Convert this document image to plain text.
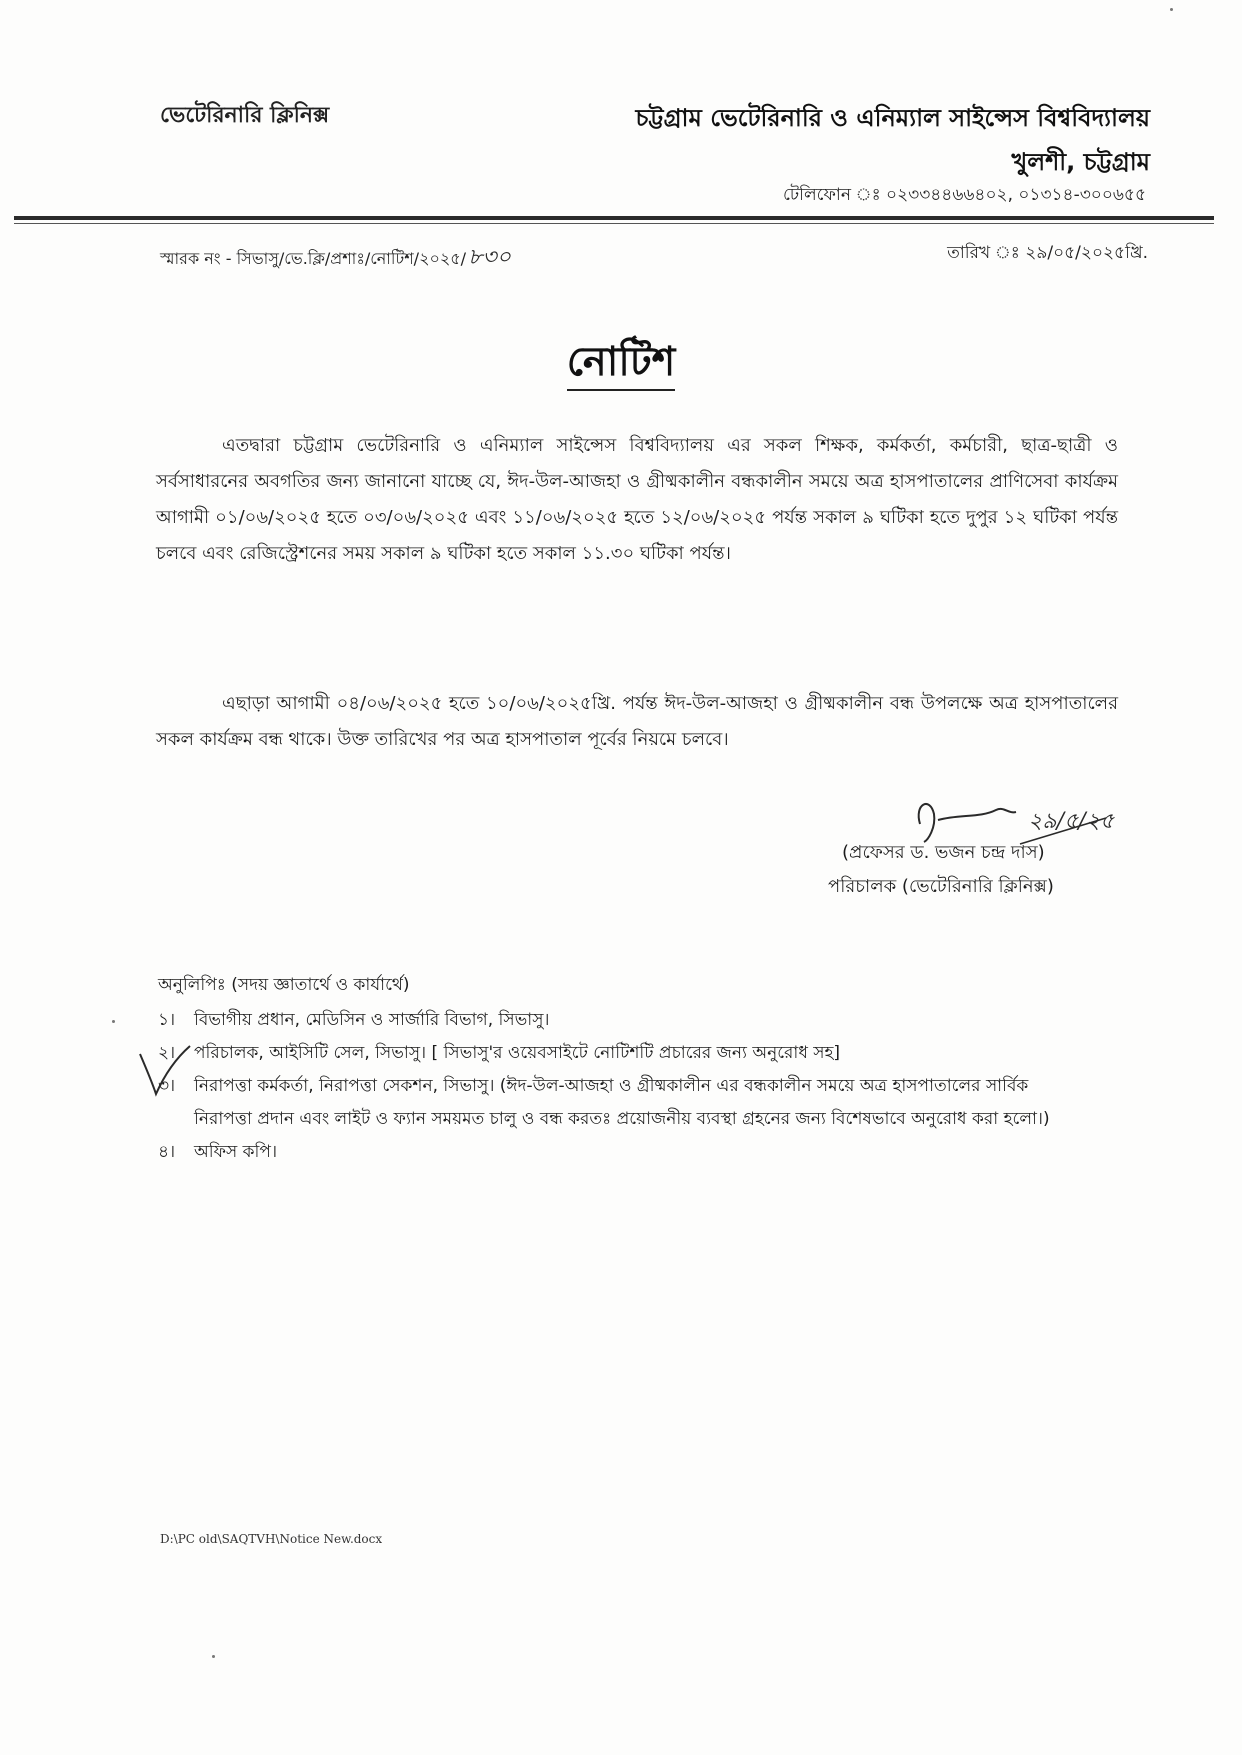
ভেটেরিনারি ক্লিনিক্স	চট্টগ্রাম ভেটেরিনারি ও এনিম্যাল সাইন্সেস বিশ্ববিদ্যালয়
খুলশী, চট্টগ্রাম
টেলিফোন ঃ ০২৩৩৪৪৬৬৪০২, ০১৩১৪-৩০০৬৫৫
স্মারক নং - সিভাসু/ভে.ক্লি/প্রশাঃ/নোটিশ/২০২৫/৮৩০	তারিখ ঃ ২৯/০৫/২০২৫খ্রি.
নোটিশ
এতদ্বারা চট্টগ্রাম ভেটেরিনারি ও এনিম্যাল সাইন্সেস বিশ্ববিদ্যালয় এর সকল শিক্ষক, কর্মকর্তা, কর্মচারী, ছাত্র-ছাত্রী ও সর্বসাধারনের অবগতির জন্য জানানো যাচ্ছে যে, ঈদ-উল-আজহা ও গ্রীষ্মকালীন বন্ধকালীন সময়ে অত্র হাসপাতালের প্রাণিসেবা কার্যক্রম আগামী ০১/০৬/২০২৫ হতে ০৩/০৬/২০২৫ এবং ১১/০৬/২০২৫ হতে ১২/০৬/২০২৫ পর্যন্ত সকাল ৯ ঘটিকা হতে দুপুর ১২ ঘটিকা পর্যন্ত চলবে এবং রেজিস্ট্রেশনের সময় সকাল ৯ ঘটিকা হতে সকাল ১১.৩০ ঘটিকা পর্যন্ত।
এছাড়া আগামী ০৪/০৬/২০২৫ হতে ১০/০৬/২০২৫খ্রি. পর্যন্ত ঈদ-উল-আজহা ও গ্রীষ্মকালীন বন্ধ উপলক্ষে অত্র হাসপাতালের সকল কার্যক্রম বন্ধ থাকে। উক্ত তারিখের পর অত্র হাসপাতাল পূর্বের নিয়মে চলবে।
২৯/৫/২৫
(প্রফেসর ড. ভজন চন্দ্র দাস)
পরিচালক (ভেটেরিনারি ক্লিনিক্স)
অনুলিপিঃ (সদয় জ্ঞাতার্থে ও কার্যার্থে)
১।	বিভাগীয় প্রধান, মেডিসিন ও সার্জারি বিভাগ, সিভাসু।
২।	পরিচালক, আইসিটি সেল, সিভাসু। [ সিভাসু'র ওয়েবসাইটে নোটিশটি প্রচারের জন্য অনুরোধ সহ]
৩।	নিরাপত্তা কর্মকর্তা, নিরাপত্তা সেকশন, সিভাসু। (ঈদ-উল-আজহা ও গ্রীষ্মকালীন এর বন্ধকালীন সময়ে অত্র হাসপাতালের সার্বিক নিরাপত্তা প্রদান এবং লাইট ও ফ্যান সময়মত চালু ও বন্ধ করতঃ প্রয়োজনীয় ব্যবস্থা গ্রহনের জন্য বিশেষভাবে অনুরোধ করা হলো।)
৪।	অফিস কপি।
D:\PC old\SAQTVH\Notice New.docx
